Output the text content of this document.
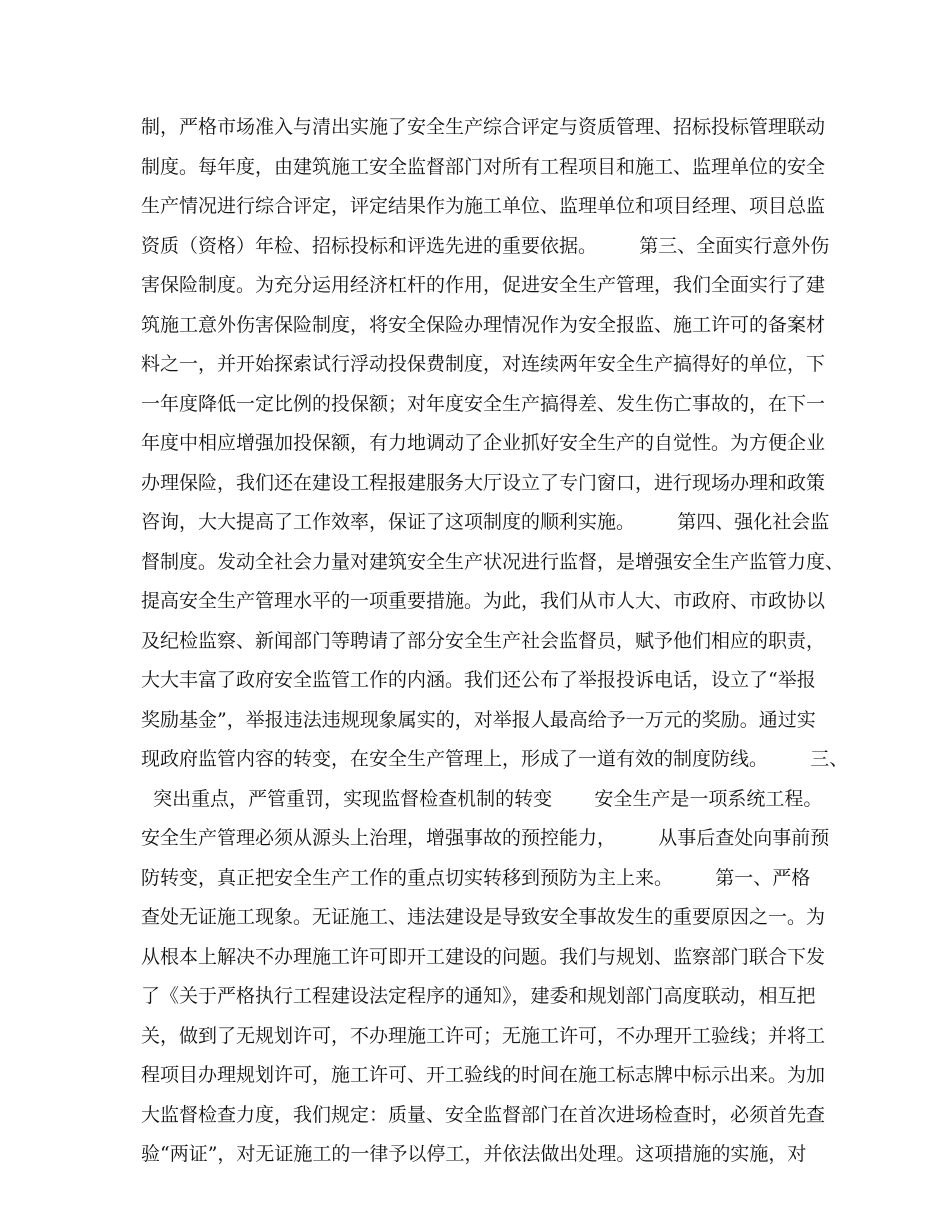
制，严格市场准入与清出实施了安全生产综合评定与资质管理、招标投标管理联动
制度。每年度，由建筑施工安全监督部门对所有工程项目和施工、监理单位的安全
生产情况进行综合评定，评定结果作为施工单位、监理单位和项目经理、项目总监
资质（资格）年检、招标投标和评选先进的重要依据。       第三、全面实行意外伤
害保险制度。为充分运用经济杠杆的作用，促进安全生产管理，我们全面实行了建
筑施工意外伤害保险制度，将安全保险办理情况作为安全报监、施工许可的备案材
料之一，并开始探索试行浮动投保费制度，对连续两年安全生产搞得好的单位，下
一年度降低一定比例的投保额；对年度安全生产搞得差、发生伤亡事故的，在下一
年度中相应增强加投保额，有力地调动了企业抓好安全生产的自觉性。为方便企业
办理保险，我们还在建设工程报建服务大厅设立了专门窗口，进行现场办理和政策
咨询，大大提高了工作效率，保证了这项制度的顺利实施。       第四、强化社会监
督制度。发动全社会力量对建筑安全生产状况进行监督，是增强安全生产监管力度、
提高安全生产管理水平的一项重要措施。为此，我们从市人大、市政府、市政协以
及纪检监察、新闻部门等聘请了部分安全生产社会监督员，赋予他们相应的职责，
大大丰富了政府安全监管工作的内涵。我们还公布了举报投诉电话，设立了“举报
奖励基金”，举报违法违规现象属实的，对举报人最高给予一万元的奖励。通过实
现政府监管内容的转变，在安全生产管理上，形成了一道有效的制度防线。       三、
突出重点，严管重罚，实现监督检查机制的转变       安全生产是一项系统工程。
安全生产管理必须从源头上治理，增强事故的预控能力，       从事后查处向事前预
防转变，真正把安全生产工作的重点切实转移到预防为主上来。       第一、严格
查处无证施工现象。无证施工、违法建设是导致安全事故发生的重要原因之一。为
从根本上解决不办理施工许可即开工建设的问题。我们与规划、监察部门联合下发
了《关于严格执行工程建设法定程序的通知》，建委和规划部门高度联动，相互把
关，做到了无规划许可，不办理施工许可；无施工许可，不办理开工验线；并将工
程项目办理规划许可，施工许可、开工验线的时间在施工标志牌中标示出来。为加
大监督检查力度，我们规定：质量、安全监督部门在首次进场检查时，必须首先查
验“两证”，对无证施工的一律予以停工，并依法做出处理。这项措施的实施，对
